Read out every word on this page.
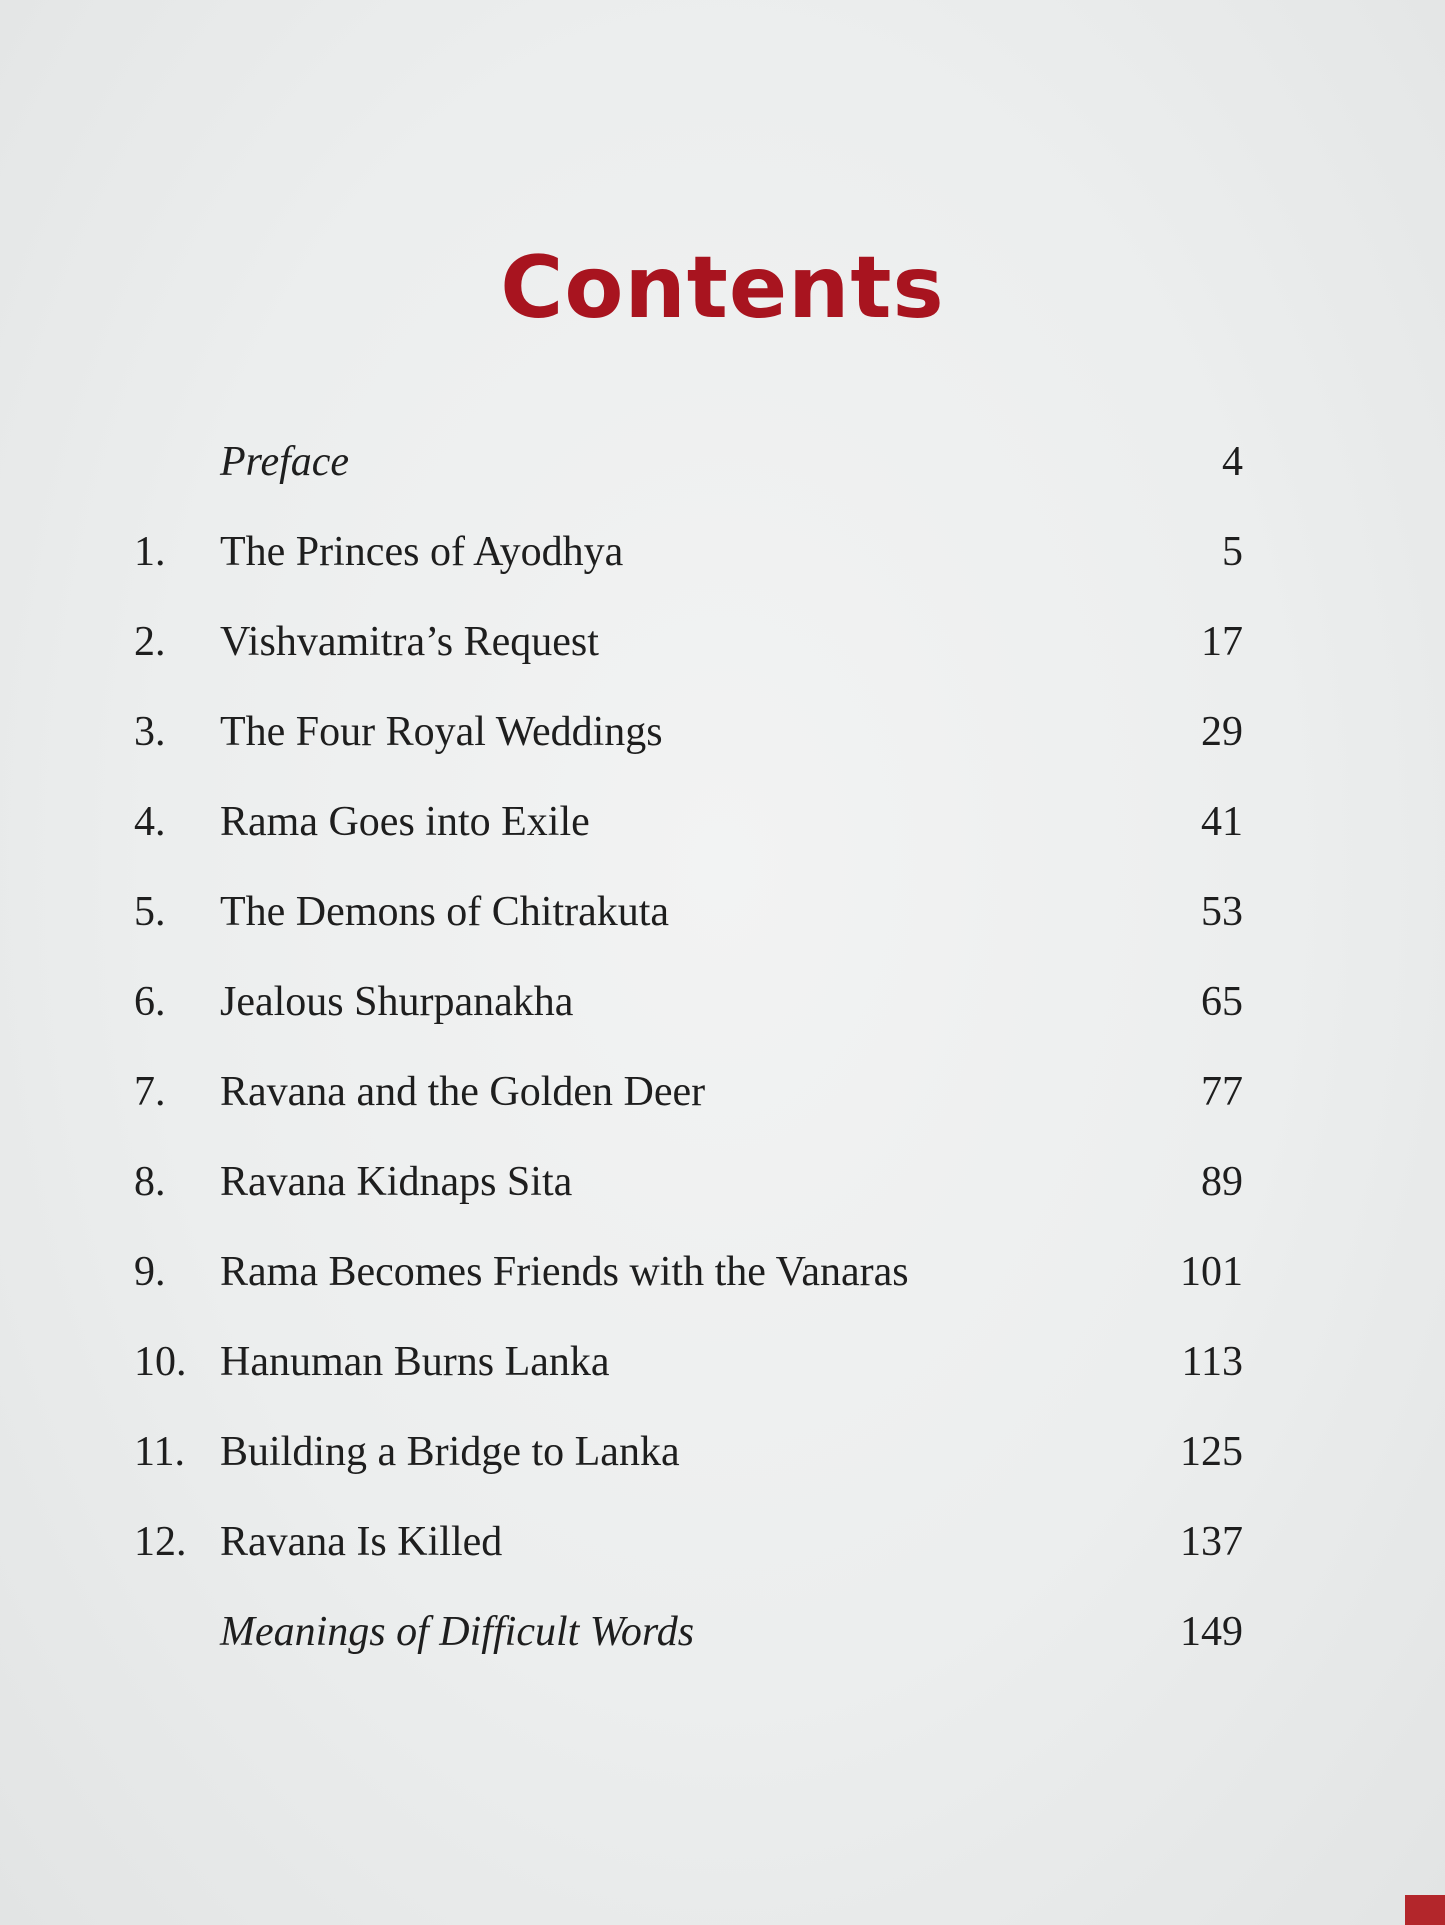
Contents
Preface	4
1.	The Princes of Ayodhya	5
2.	Vishvamitra’s Request	17
3.	The Four Royal Weddings	29
4.	Rama Goes into Exile	41
5.	The Demons of Chitrakuta	53
6.	Jealous Shurpanakha	65
7.	Ravana and the Golden Deer	77
8.	Ravana Kidnaps Sita	89
9.	Rama Becomes Friends with the Vanaras	101
10. Hanuman Burns Lanka	113
11. Building a Bridge to Lanka	125
12. Ravana Is Killed	137
Meanings of Difficult Words	149
